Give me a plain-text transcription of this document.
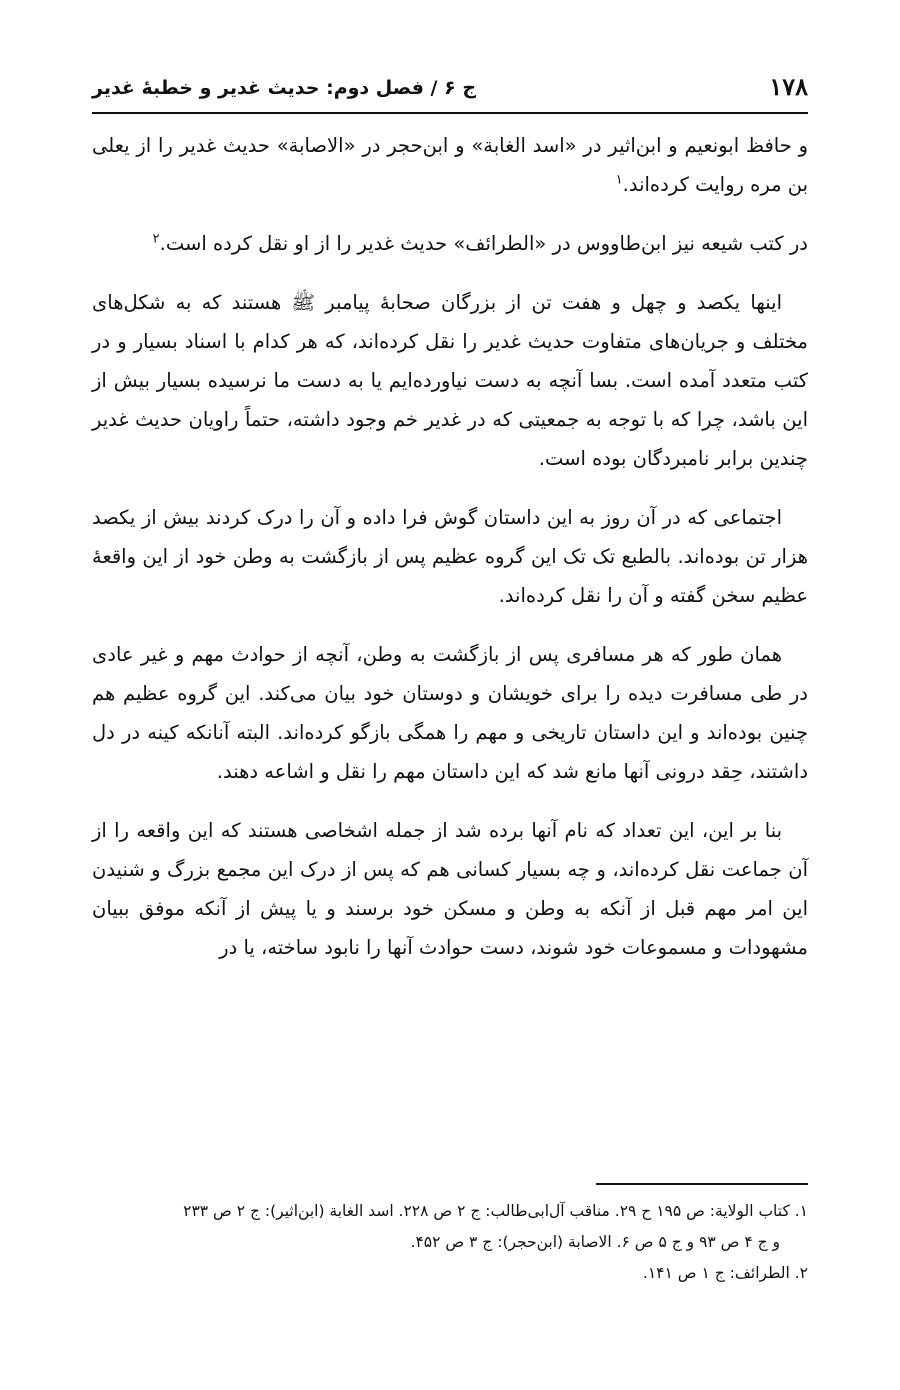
۱۷۸
ج ۶ / فصل دوم: حدیث غدیر و خطبهٔ غدیر

و حافظ ابونعیم و ابن‌اثیر در «اسد الغابة» و ابن‌حجر در «الاصابة» حدیث غدیر را از یعلی بن مره روایت کرده‌اند.$^۱$

در کتب شیعه نیز ابن‌طاووس در «الطرائف» حدیث غدیر را از او نقل کرده است.$^۲$

اینها یکصد و چهل و هفت تن از بزرگان صحابهٔ پیامبر ﷺ هستند که به شکل‌های مختلف و جریان‌های متفاوت حدیث غدیر را نقل کرده‌اند، که هر کدام با اسناد بسیار و در کتب متعدد آمده است. بسا آنچه به دست نیاورده‌ایم یا به دست ما نرسیده بسیار بیش از این باشد، چرا که با توجه به جمعیتی که در غدیر خم وجود داشته، حتماً راویان حدیث غدیر چندین برابر نامبردگان بوده است.

اجتماعی که در آن روز به این داستان گوش فرا داده و آن را درک کردند بیش از یکصد هزار تن بوده‌اند. بالطبع تک تک این گروه عظیم پس از بازگشت به وطن خود از این واقعهٔ عظیم سخن گفته و آن را نقل کرده‌اند.

همان طور که هر مسافری پس از بازگشت به وطن، آنچه از حوادث مهم و غیر عادی در طی مسافرت دیده را برای خویشان و دوستان خود بیان می‌کند. این گروه عظیم هم چنین بوده‌اند و این داستان تاریخی و مهم را همگی بازگو کرده‌اند. البته آنانکه کینه در دل داشتند، حِقد درونی آنها مانع شد که این داستان مهم را نقل و اشاعه دهند.

بنا بر این، این تعداد که نام آنها برده شد از جمله اشخاصی هستند که این واقعه را از آن جماعت نقل کرده‌اند، و چه بسیار کسانی هم که پس از درک این مجمع بزرگ و شنیدن این امر مهم قبل از آنکه به وطن و مسکن خود برسند و یا پیش از آنکه موفق ببیان مشهودات و مسموعات خود شوند، دست حوادث آنها را نابود ساخته، یا در

۱. کتاب الولایة: ص ۱۹۵ ح ۲۹. مناقب آل‌ابی‌طالب: ج ۲ ص ۲۲۸. اسد الغابة (ابن‌اثیر): ج ۲ ص ۲۳۳

و ج ۴ ص ۹۳ و ج ۵ ص ۶. الاصابة (ابن‌حجر): ج ۳ ص ۴۵۲.

۲. الطرائف: ج ۱ ص ۱۴۱.
